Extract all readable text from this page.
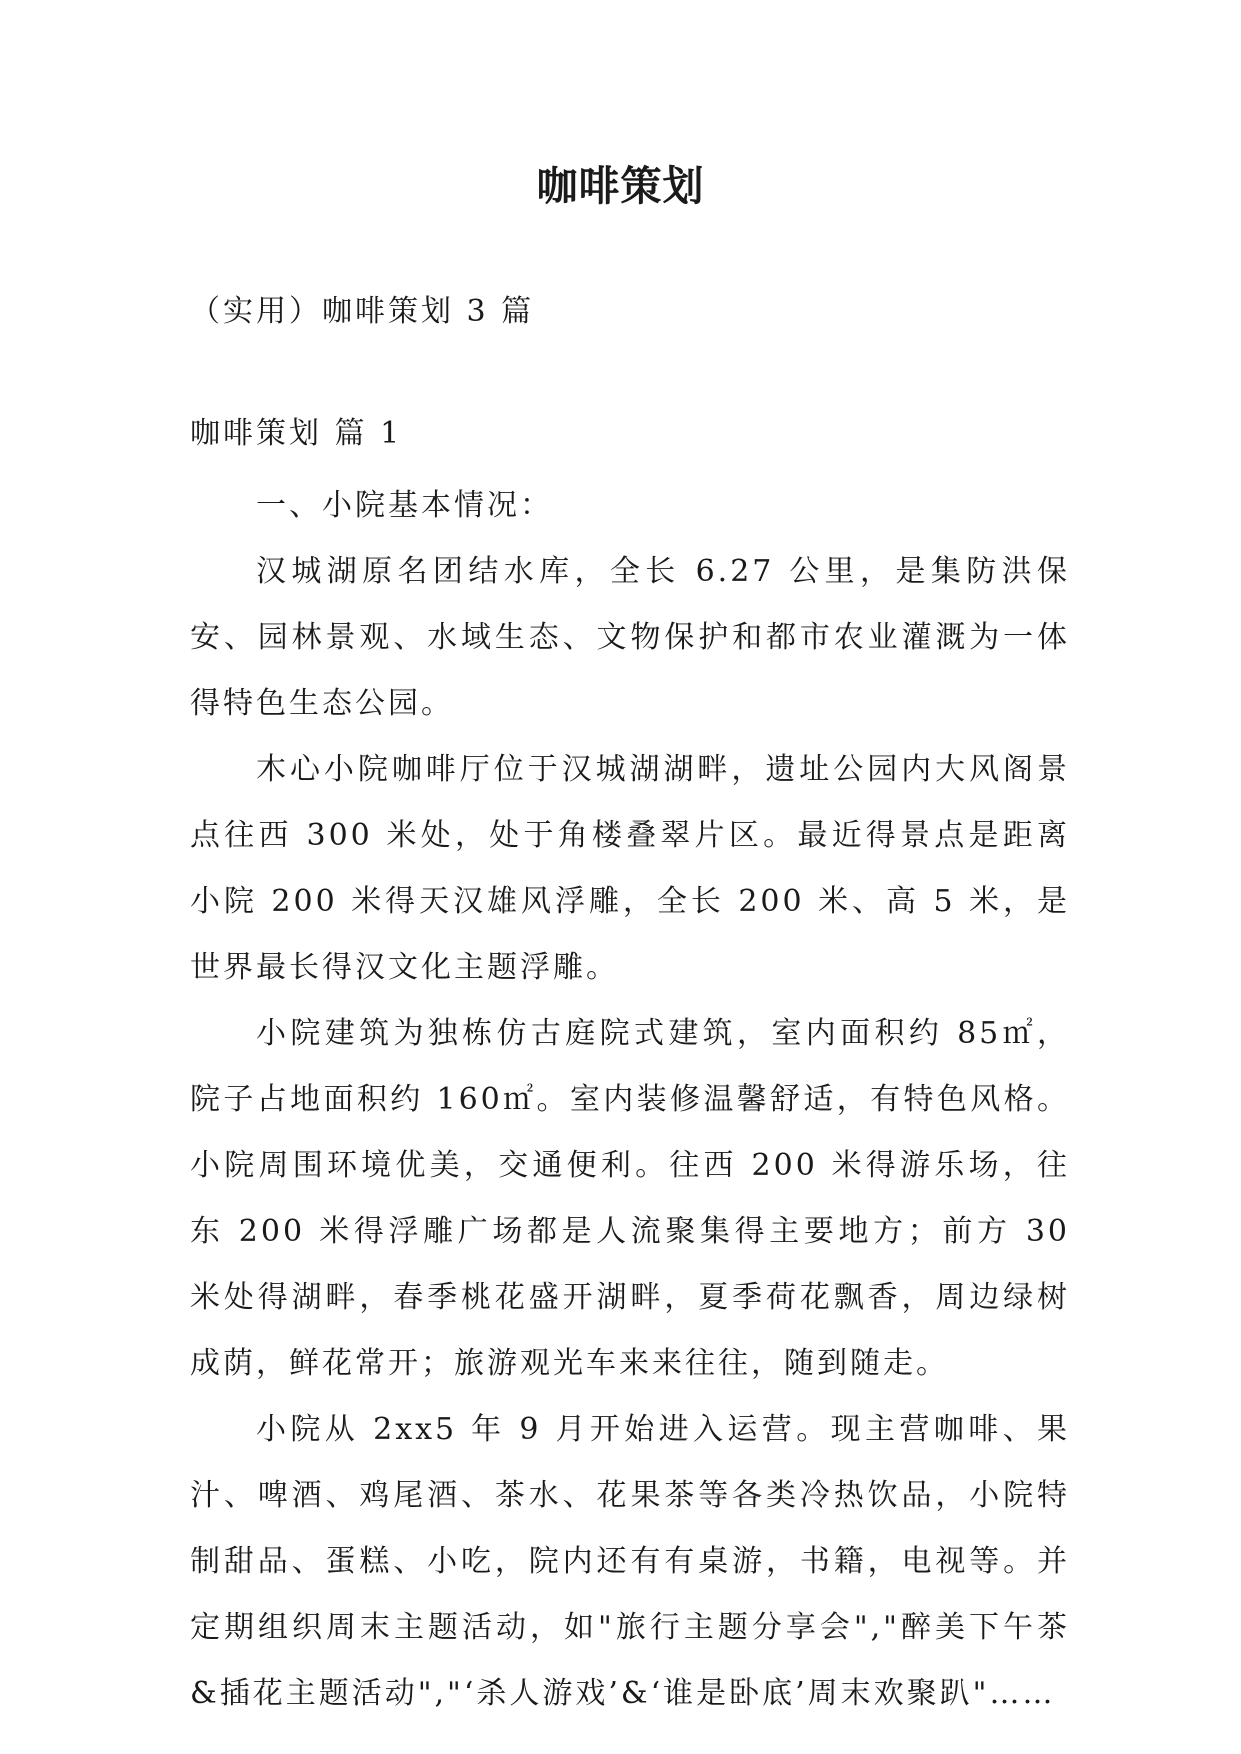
咖啡策划
（实用）咖啡策划 3 篇
咖啡策划 篇 1

一、小院基本情况：

汉城湖原名团结水库，全长 6.27 公里，是集防洪保安、园林景观、水域生态、文物保护和都市农业灌溉为一体得特色生态公园。

木心小院咖啡厅位于汉城湖湖畔，遗址公园内大风阁景点往西 300 米处，处于角楼叠翠片区。最近得景点是距离小院 200 米得天汉雄风浮雕，全长 200 米、高 5 米，是世界最长得汉文化主题浮雕。

小院建筑为独栋仿古庭院式建筑，室内面积约 85㎡，院子占地面积约 160㎡。室内装修温馨舒适，有特色风格。小院周围环境优美，交通便利。往西 200 米得游乐场，往东 200 米得浮雕广场都是人流聚集得主要地方；前方 30 米处得湖畔，春季桃花盛开湖畔，夏季荷花飘香，周边绿树成荫，鲜花常开；旅游观光车来来往往，随到随走。

小院从 2xx5 年 9 月开始进入运营。现主营咖啡、果汁、啤酒、鸡尾酒、茶水、花果茶等各类冷热饮品，小院特制甜品、蛋糕、小吃，院内还有有桌游，书籍，电视等。并定期组织周末主题活动，如"旅行主题分享会","醉美下午茶&插花主题活动","‘杀人游戏’&‘谁是卧底’周末欢聚趴"……
